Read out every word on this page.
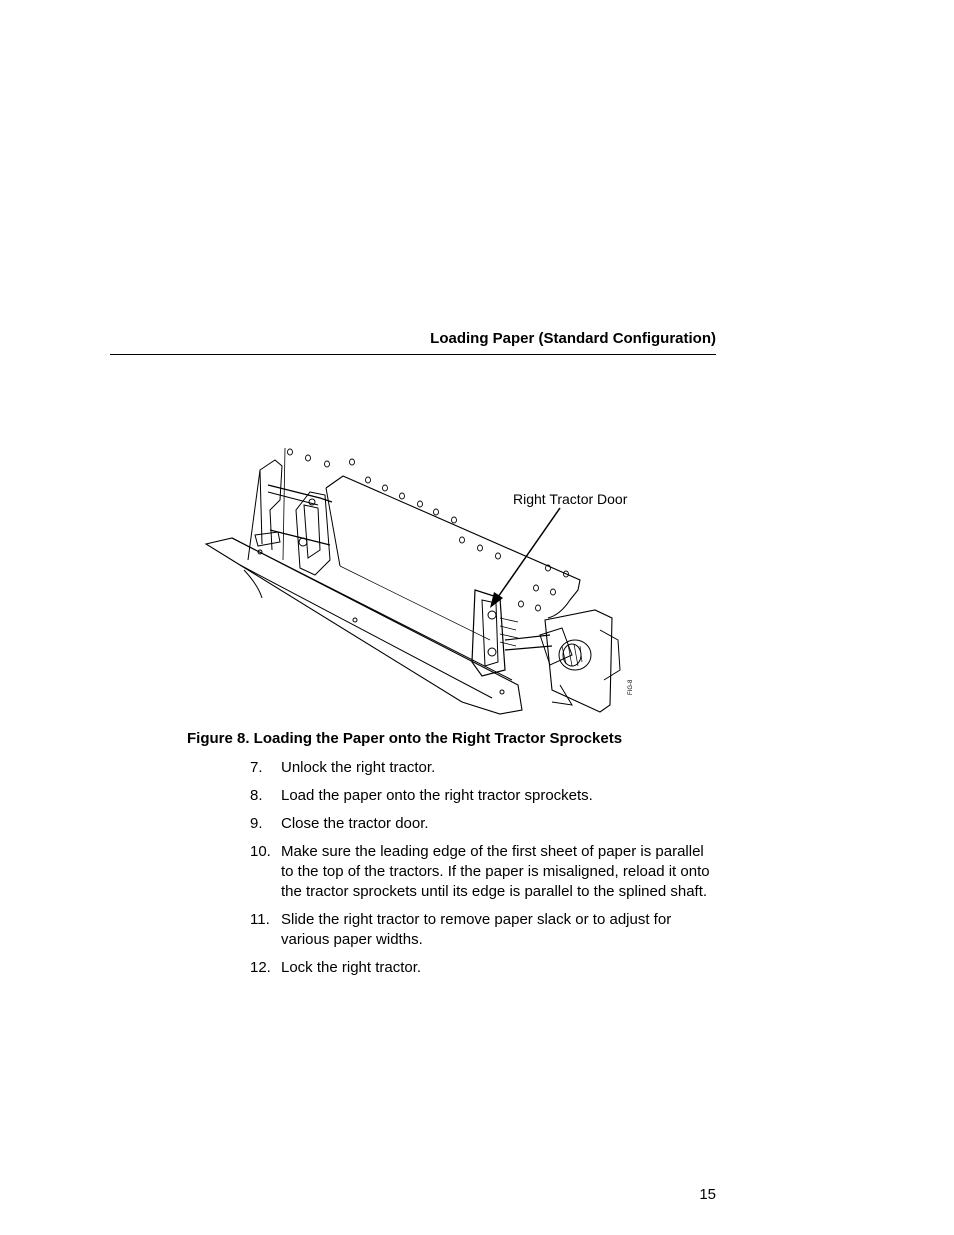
Loading Paper (Standard Configuration)
FIG-8
Right Tractor Door
Figure 8. Loading the Paper onto the Right Tractor Sprockets
7.	Unlock the right tractor.
8.	Load the paper onto the right tractor sprockets.
9.	Close the tractor door.
10. Make sure the leading edge of the first sheet of paper is parallel to the top of the tractors. If the paper is misaligned, reload it onto the tractor sprockets until its edge is parallel to the splined shaft.
11. Slide the right tractor to remove paper slack or to adjust for various paper widths.
12. Lock the right tractor.
15
